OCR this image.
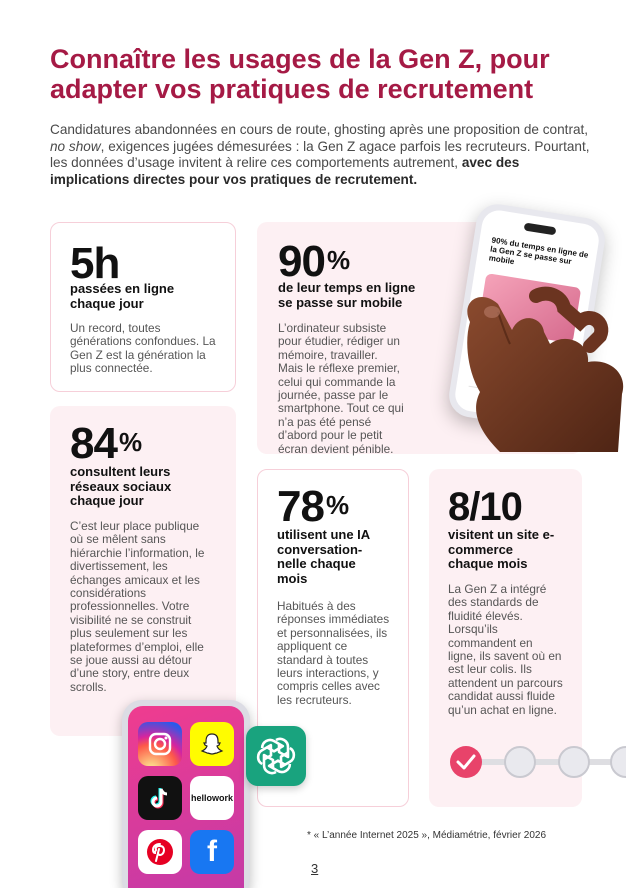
Connaître les usages de la Gen Z, pour adapter vos pratiques de recrutement

Candidatures abandonnées en cours de route, ghosting après une proposition de contrat, no show, exigences jugées démesurées : la Gen Z agace parfois les recruteurs. Pourtant, les données d’usage invitent à relire ces comportements autrement, avec des implications directes pour vos pratiques de recrutement.

5h
passées en ligne chaque jour
Un record, toutes générations confondues. La Gen Z est la génération la plus connectée.
90%
de leur temps en ligne se passe sur mobile
L’ordinateur subsiste pour étudier, rédiger un mémoire, travailler. Mais le réflexe premier, celui qui commande la journée, passe par le smartphone. Tout ce qui n’a pas été pensé d’abord pour le petit écran devient pénible.
84%
consultent leurs réseaux sociaux chaque jour
C’est leur place publique où se mêlent sans hiérarchie l’information, le divertissement, les échanges amicaux et les considérations professionnelles. Votre visibilité ne se construit plus seulement sur les plateformes d’emploi, elle se joue aussi au détour d’une story, entre deux scrolls.
78%
utilisent une IA conversation-nelle chaque mois
Habitués à des réponses immédiates et personnalisées, ils appliquent ce standard à toutes leurs interactions, y compris celles avec les recruteurs.
8/10
visitent un site e-commerce chaque mois
La Gen Z a intégré des standards de fluidité élevés. Lorsqu’ils commandent en ligne, ils savent où en est leur colis. Ils attendent un parcours candidat aussi fluide qu’un achat en ligne.
90% du temps en ligne de la Gen Z se passe sur mobile
hellowork
f	* « L’année Internet 2025 », Médiamétrie, février 2026
3
